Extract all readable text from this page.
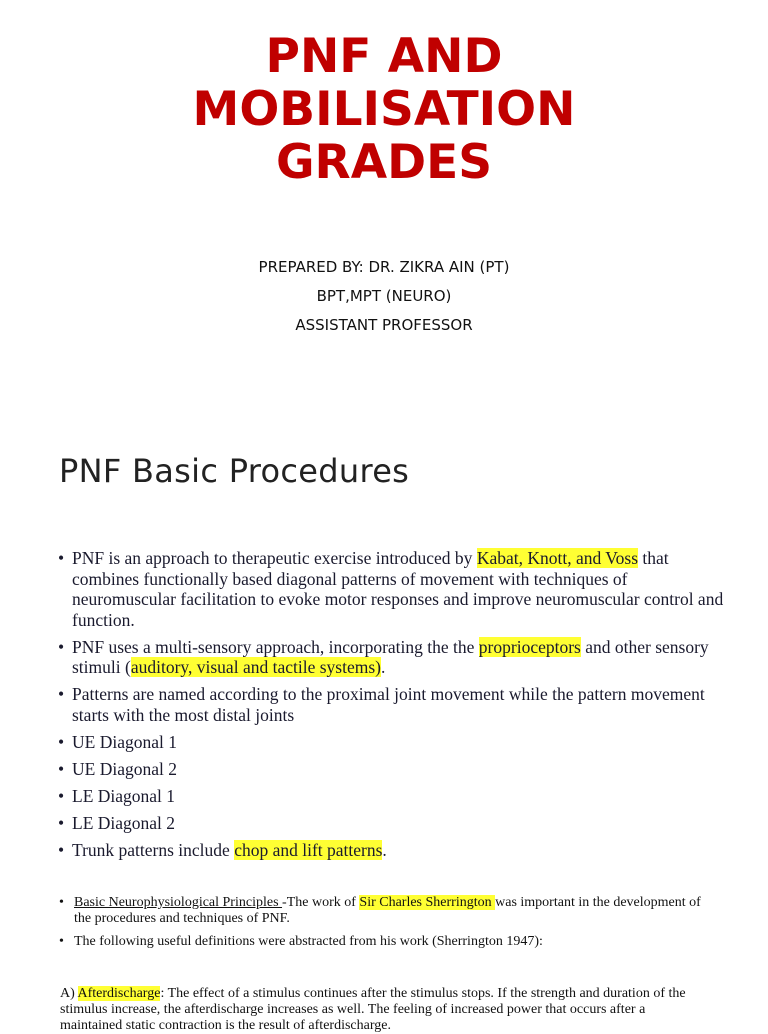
PNF AND
MOBILISATION
GRADES
PREPARED BY: DR. ZIKRA AIN (PT)
BPT,MPT (NEURO)
ASSISTANT PROFESSOR
PNF Basic Procedures
• PNF is an approach to therapeutic exercise introduced by Kabat, Knott, and Voss that combines functionally based diagonal patterns of movement with techniques of neuromuscular facilitation to evoke motor responses and improve neuromuscular control and function.
• PNF uses a multi-sensory approach, incorporating the the proprioceptors and other sensory stimuli (auditory, visual and tactile systems).
• Patterns are named according to the proximal joint movement while the pattern movement starts with the most distal joints
• UE Diagonal 1
• UE Diagonal 2
• LE Diagonal 1
• LE Diagonal 2
• Trunk patterns include chop and lift patterns.
• Basic Neurophysiological Principles -The work of Sir Charles Sherrington was important in the development of the procedures and techniques of PNF.
• The following useful definitions were abstracted from his work (Sherrington 1947):

A) Afterdischarge: The effect of a stimulus continues after the stimulus stops. If the strength and duration of the stimulus increase, the afterdischarge increases as well. The feeling of increased power that occurs after a maintained static contraction is the result of afterdischarge.
